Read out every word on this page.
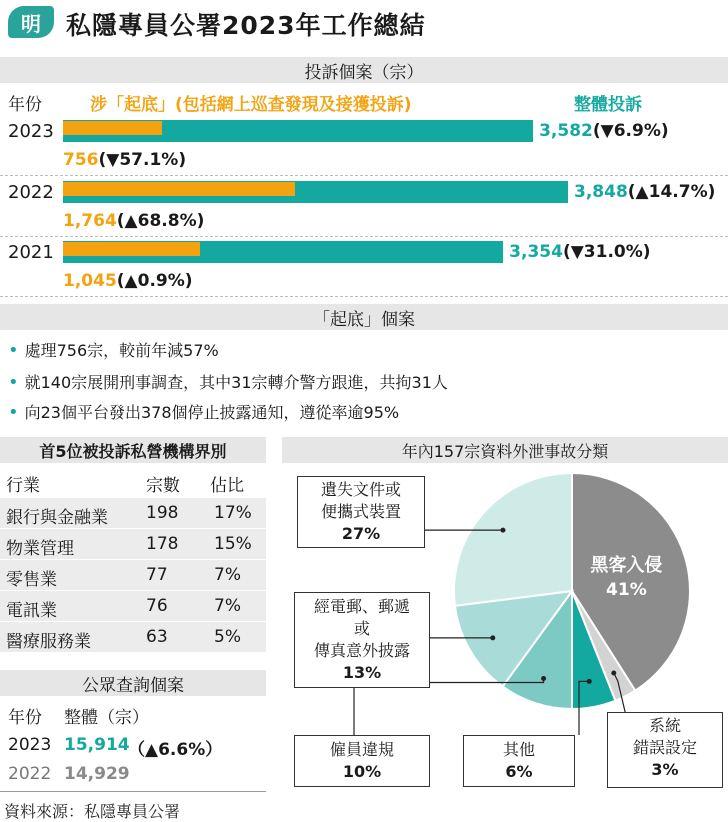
明	私隱專員公署2023年工作總結
投訴個案（宗）
年份	涉「起底」(包括網上巡查發現及接獲投訴)	整體投訴
2023	3,582(▼6.9%)
756(▼57.1%)
2022	3,848(▲14.7%)
1,764(▲68.8%)
2021	3,354(▼31.0%)
1,045(▲0.9%)
「起底」個案
• 處理756宗，較前年減57%
• 就140宗展開刑事調查，其中31宗轉介警方跟進，共拘31人
• 向23個平台發出378個停止披露通知，遵從率逾95%
首5位被投訴私營機構界別
行業	宗數 佔比
銀行與金融業 198 17%
物業管理	178 15%
零售業	77	7%
電訊業	76	7%
醫療服務業	63	5%
公眾查詢個案
年份 整體（宗）
2023 15,914
（▲6.6%）
2022 14,929
年內157宗資料外泄事故分類
黑客入侵
41%
遺失文件或
便攜式裝置
27%
經電郵、郵遞
或
傳真意外披露
13%
僱員違規
10%
其他
6%
系統
錯誤設定
3%
資料來源：私隱專員公署
